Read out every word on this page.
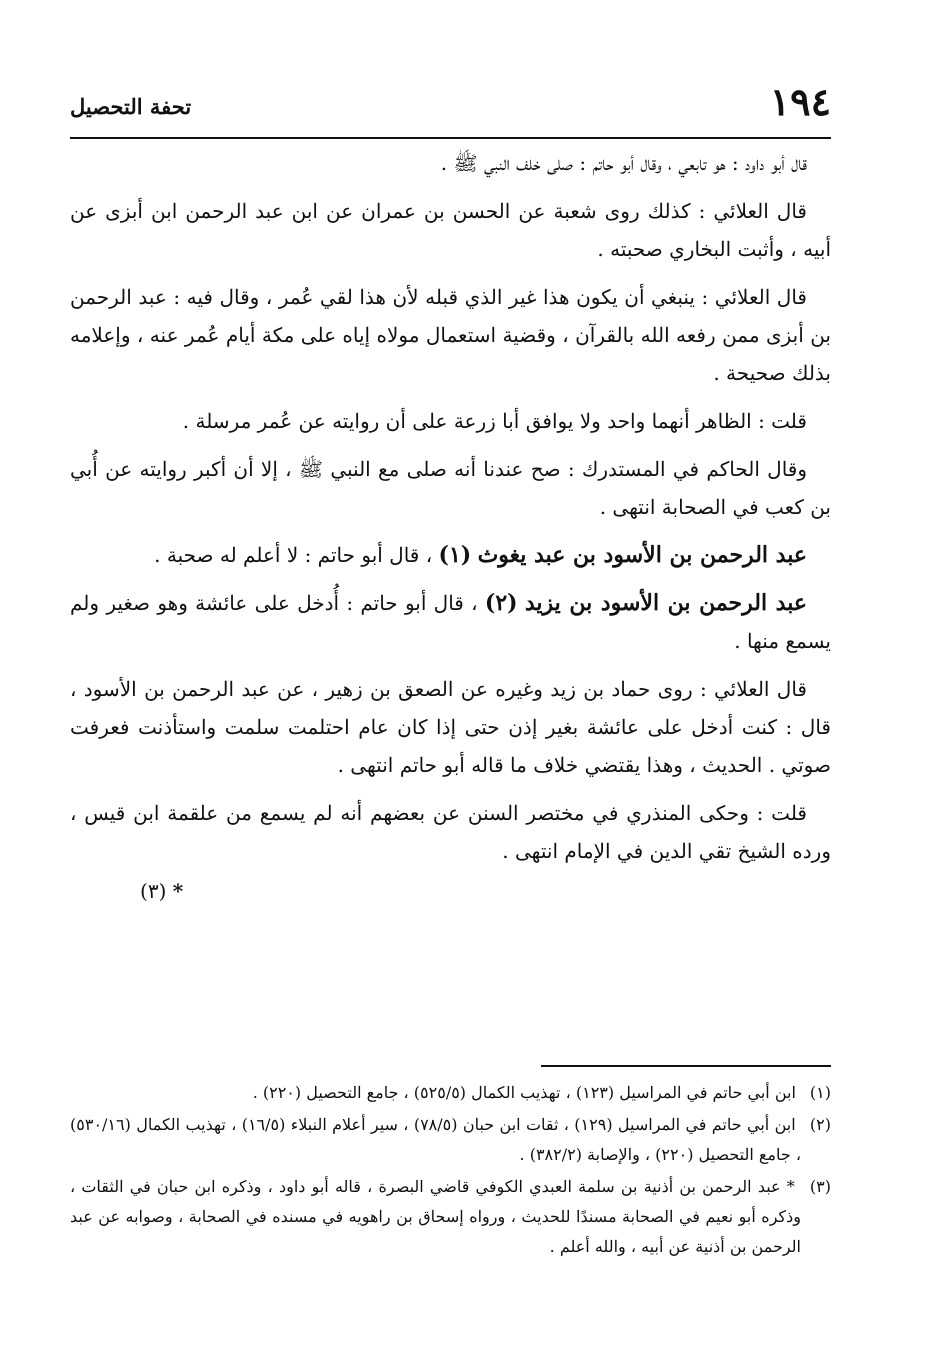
١٩٤
تحفة التحصيل

قال أبو داود : هو تابعي ، وقال أبو حاتم : صلى خلف النبي ﷺ .

قال العلائي : كذلك روى شعبة عن الحسن بن عمران عن ابن عبد الرحمن ابن أبزى عن أبيه ، وأثبت البخاري صحبته .

قال العلائي : ينبغي أن يكون هذا غير الذي قبله لأن هذا لقي عُمر ، وقال فيه : عبد الرحمن بن أبزى ممن رفعه الله بالقرآن ، وقضية استعمال مولاه إياه على مكة أيام عُمر عنه ، وإعلامه بذلك صحيحة .

قلت : الظاهر أنهما واحد ولا يوافق أبا زرعة على أن روايته عن عُمر مرسلة .

وقال الحاكم في المستدرك : صح عندنا أنه صلى مع النبي ﷺ ، إلا أن أكبر روايته عن أُبي بن كعب في الصحابة انتهى .

عبد الرحمن بن الأسود بن عبد يغوث (١) ، قال أبو حاتم : لا أعلم له صحبة .

عبد الرحمن بن الأسود بن يزيد (٢) ، قال أبو حاتم : أُدخل على عائشة وهو صغير ولم يسمع منها .

قال العلائي : روى حماد بن زيد وغيره عن الصعق بن زهير ، عن عبد الرحمن بن الأسود ، قال : كنت أدخل على عائشة بغير إذن حتى إذا كان عام احتلمت سلمت واستأذنت فعرفت صوتي . الحديث ، وهذا يقتضي خلاف ما قاله أبو حاتم انتهى .

قلت : وحكى المنذري في مختصر السنن عن بعضهم أنه لم يسمع من علقمة ابن قيس ، ورده الشيخ تقي الدين في الإمام انتهى .

* (٣)

(١) ابن أبي حاتم في المراسيل (١٢٣) ، تهذيب الكمال (٥٢٥/٥) ، جامع التحصيل (٢٢٠) .

(٢) ابن أبي حاتم في المراسيل (١٢٩) ، ثقات ابن حبان (٧٨/٥) ، سير أعلام النبلاء (١٦/٥) ، تهذيب الكمال (٥٣٠/١٦) ، جامع التحصيل (٢٢٠) ، والإصابة (٣٨٢/٢) .

(٣) * عبد الرحمن بن أذنية بن سلمة العبدي الكوفي قاضي البصرة ، قاله أبو داود ، وذكره ابن حبان في الثقات ، وذكره أبو نعيم في الصحابة مسندًا للحديث ، ورواه إسحاق بن راهويه في مسنده في الصحابة ، وصوابه عن عبد الرحمن بن أذنية عن أبيه ، والله أعلم .
